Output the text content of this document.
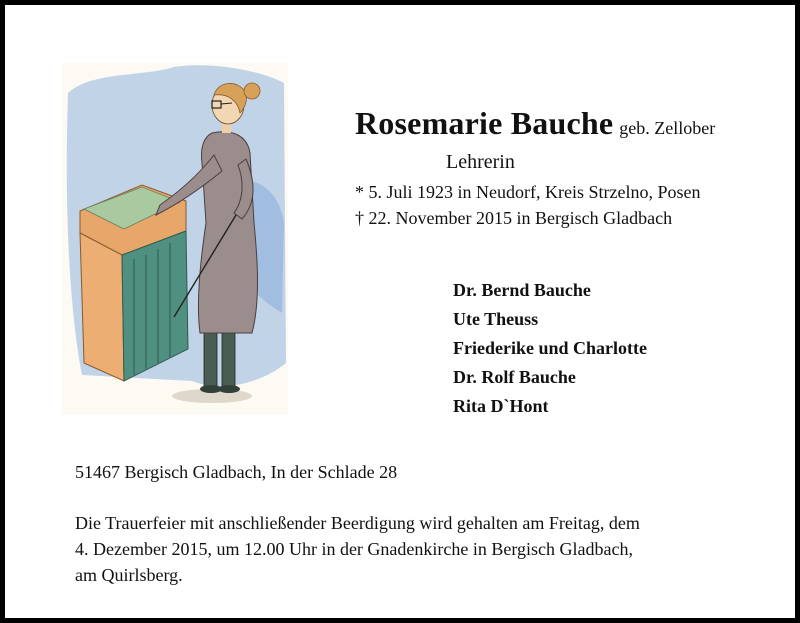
Rosemarie Bauche geb. Zellober
Lehrerin
* 5. Juli 1923 in Neudorf, Kreis Strzelno, Posen
† 22. November 2015 in Bergisch Gladbach
Dr. Bernd Bauche
Ute Theuss
Friederike und Charlotte
Dr. Rolf Bauche
Rita D`Hont
51467 Bergisch Gladbach, In der Schlade 28
Die Trauerfeier mit anschließender Beerdigung wird gehalten am Freitag, dem
4. Dezember 2015, um 12.00 Uhr in der Gnadenkirche in Bergisch Gladbach,
am Quirlsberg.
